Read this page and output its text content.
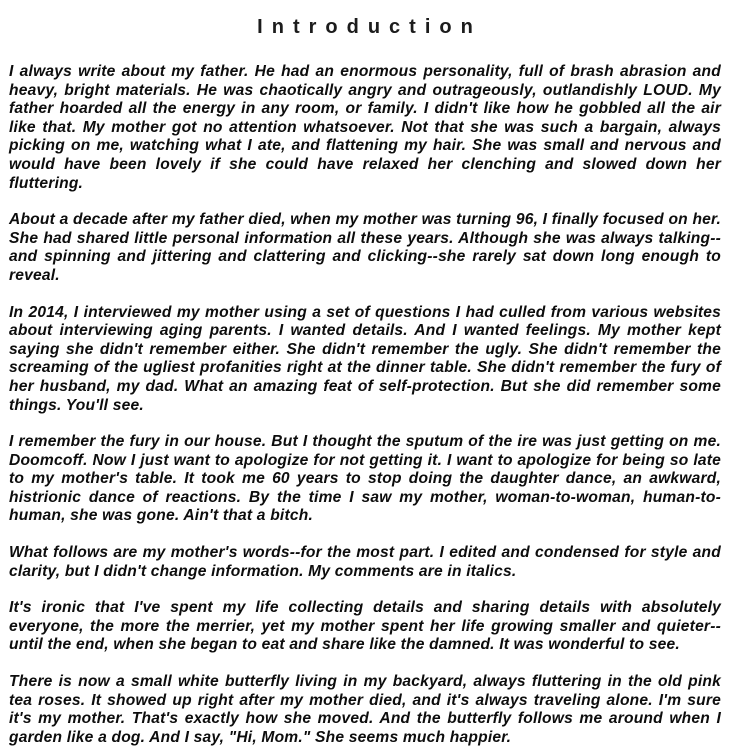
Introduction

I always write about my father. He had an enormous personality, full of brash abrasion and heavy, bright materials. He was chaotically angry and outrageously, outlandishly LOUD. My father hoarded all the energy in any room, or family. I didn't like how he gobbled all the air like that. My mother got no attention whatsoever. Not that she was such a bargain, always picking on me, watching what I ate, and flattening my hair. She was small and nervous and would have been lovely if she could have relaxed her clenching and slowed down her fluttering.

About a decade after my father died, when my mother was turning 96, I finally focused on her. She had shared little personal information all these years. Although she was always talking--and spinning and jittering and clattering and clicking--she rarely sat down long enough to reveal.

In 2014, I interviewed my mother using a set of questions I had culled from various websites about interviewing aging parents. I wanted details. And I wanted feelings. My mother kept saying she didn't remember either. She didn't remember the ugly. She didn't remember the screaming of the ugliest profanities right at the dinner table. She didn't remember the fury of her husband, my dad. What an amazing feat of self-protection. But she did remember some things. You'll see.

I remember the fury in our house. But I thought the sputum of the ire was just getting on me. Doomcoff. Now I just want to apologize for not getting it. I want to apologize for being so late to my mother's table. It took me 60 years to stop doing the daughter dance, an awkward, histrionic dance of reactions. By the time I saw my mother, woman-to-woman, human-to-human, she was gone. Ain't that a bitch.

What follows are my mother's words--for the most part. I edited and condensed for style and clarity, but I didn't change information. My comments are in italics.

It's ironic that I've spent my life collecting details and sharing details with absolutely everyone, the more the merrier, yet my mother spent her life growing smaller and quieter--until the end, when she began to eat and share like the damned. It was wonderful to see.

There is now a small white butterfly living in my backyard, always fluttering in the old pink tea roses. It showed up right after my mother died, and it's always traveling alone. I'm sure it's my mother. That's exactly how she moved. And the butterfly follows me around when I garden like a dog. And I say, "Hi, Mom." She seems much happier.
